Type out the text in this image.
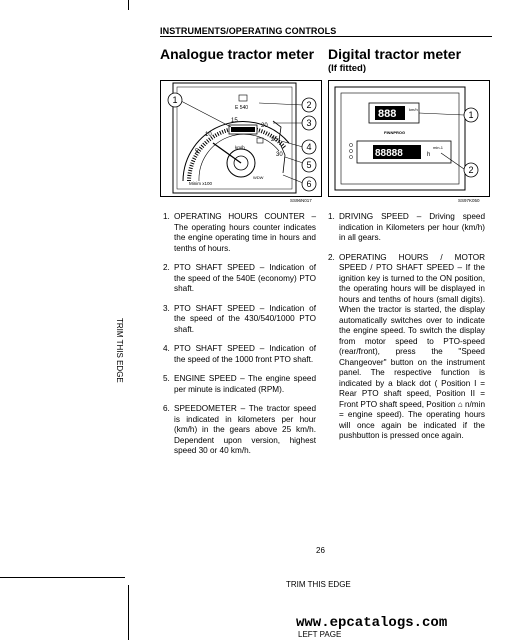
INSTRUMENTS/OPERATING CONTROLS
TRIM THIS EDGE
Analogue tractor meter
1	2
3
4
5
6
5
10
15
20
25
30
E 540
km/h
Minim x100
WDW
SS96N017
1. OPERATING HOURS COUNTER – The operating hours counter indicates the engine operating time in hours and tenths of hours.
2. PTO SHAFT SPEED – Indication of the speed of the 540E (economy) PTO shaft.
3. PTO SHAFT SPEED – Indication of the speed of the 430/540/1000 PTO shaft.
4. PTO SHAFT SPEED – Indication of the speed of the 1000 front PTO shaft.
5. ENGINE SPEED – The engine speed per minute is indicated (RPM).
6. SPEEDOMETER – The tractor speed is indicated in kilometers per hour (km/h) in the gears above 25 km/h. Dependent upon version, highest speed 30 or 40 km/h.
Digital tractor meter
(If fitted)
1
2
888	km/h
FINNPROG
88888	h
min-1
SS97K050
1. DRIVING SPEED – Driving speed indication in Kilometers per hour (km/h) in all gears.
2. OPERATING HOURS / MOTOR SPEED / PTO SHAFT SPEED – If the ignition key is turned to the ON position, the operating hours will be displayed in hours and tenths of hours (small digits). When the tractor is started, the display automatically switches over to indicate the engine speed. To switch the display from motor speed to PTO-speed (rear/front), press the "Speed Changeover" button on the instrument panel. The respective function is indicated by a black dot ( Position I = Rear PTO shaft speed, Position II = Front PTO shaft speed, Position ⌂ n/min = engine speed). The operating hours will once again be indicated if the pushbutton is pressed once again.
26
TRIM THIS EDGE
www.epcatalogs.com
LEFT PAGE
